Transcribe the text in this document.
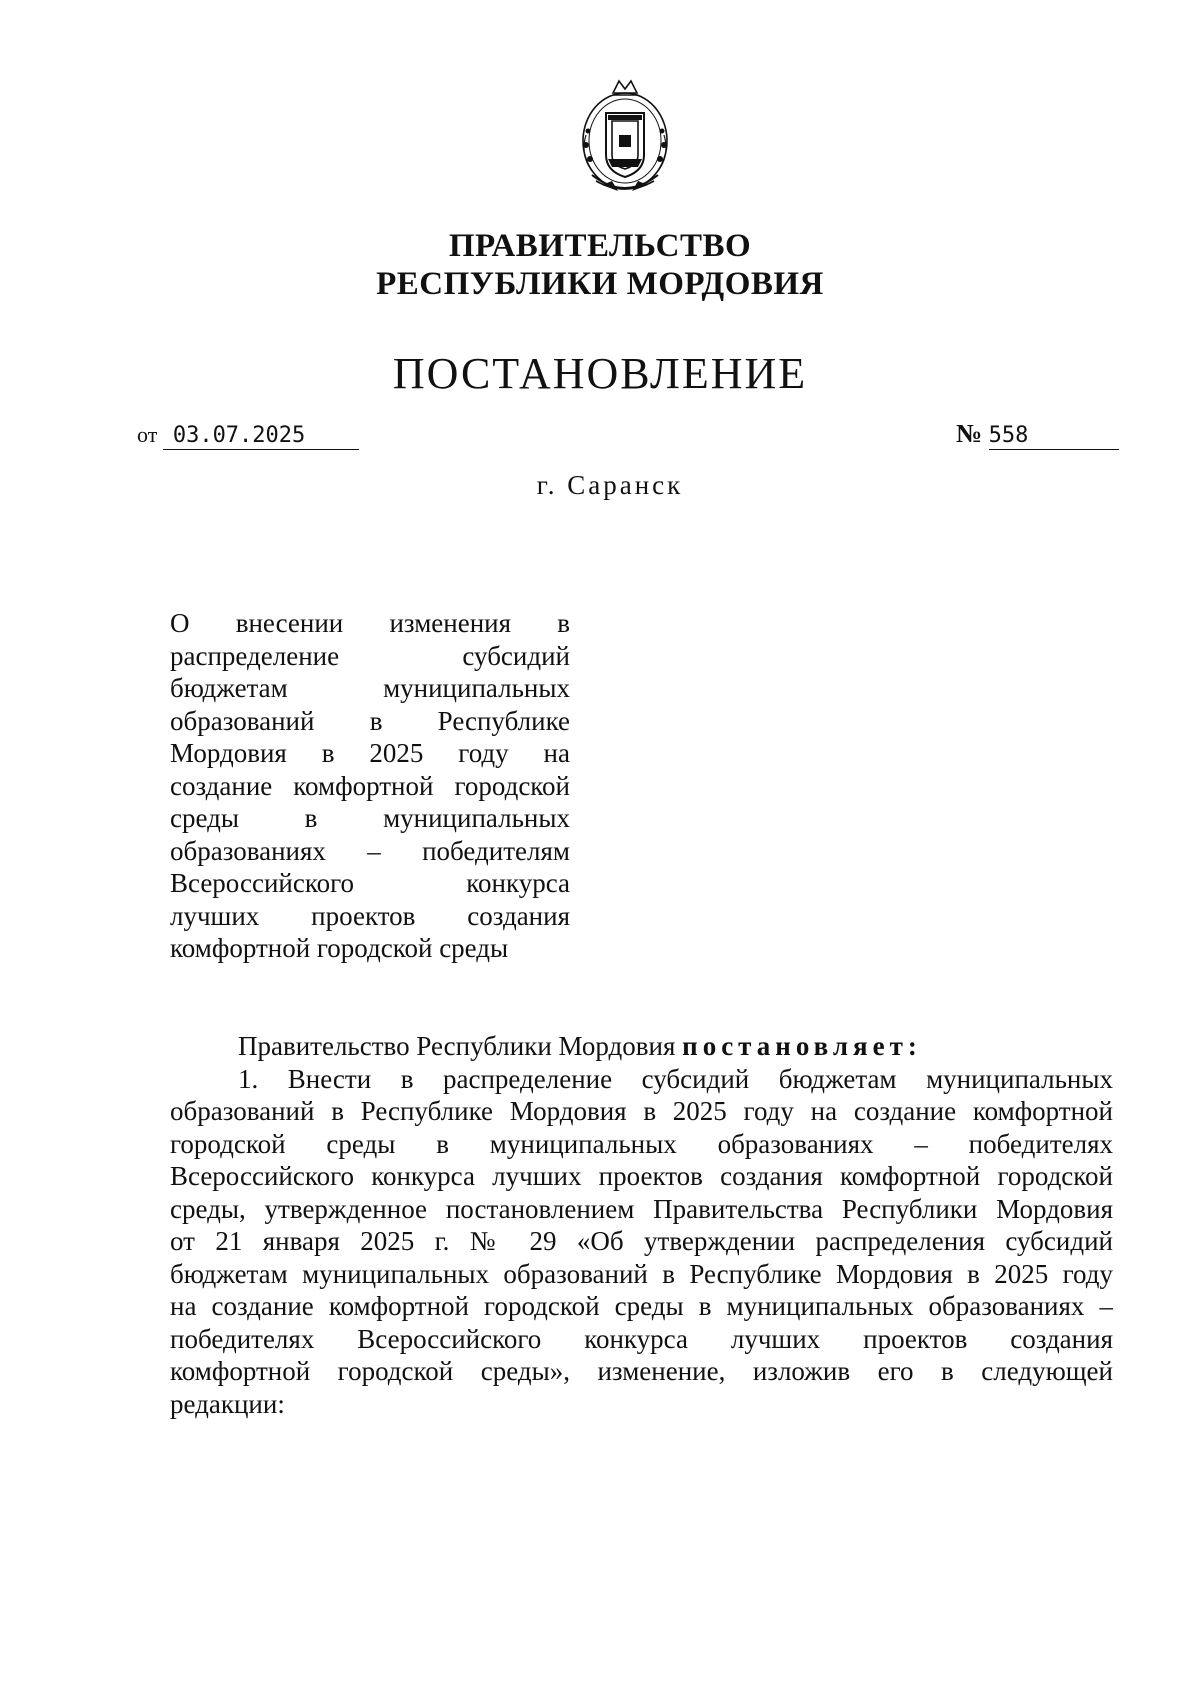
ПРАВИТЕЛЬСТВО
РЕСПУБЛИКИ МОРДОВИЯ
ПОСТАНОВЛЕНИЕ
от 03.07.2025	№ 558
г. Саранск
О внесении изменения в
распределение субсидий
бюджетам муниципальных
образований в Республике
Мордовия в 2025 году на
создание комфортной городской
среды в муниципальных
образованиях – победителям
Всероссийского конкурса
лучших проектов создания
комфортной городской среды
Правительство Республики Мордовия постановляет:
1. Внести в распределение субсидий бюджетам муниципальных
образований в Республике Мордовия в 2025 году на создание комфортной
городской среды в муниципальных образованиях – победителях
Всероссийского конкурса лучших проектов создания комфортной городской
среды, утвержденное постановлением Правительства Республики Мордовия
от 21 января 2025 г. № 29 «Об утверждении распределения субсидий
бюджетам муниципальных образований в Республике Мордовия в 2025 году
на создание комфортной городской среды в муниципальных образованиях –
победителях Всероссийского конкурса лучших проектов создания
комфортной городской среды», изменение, изложив его в следующей
редакции:
